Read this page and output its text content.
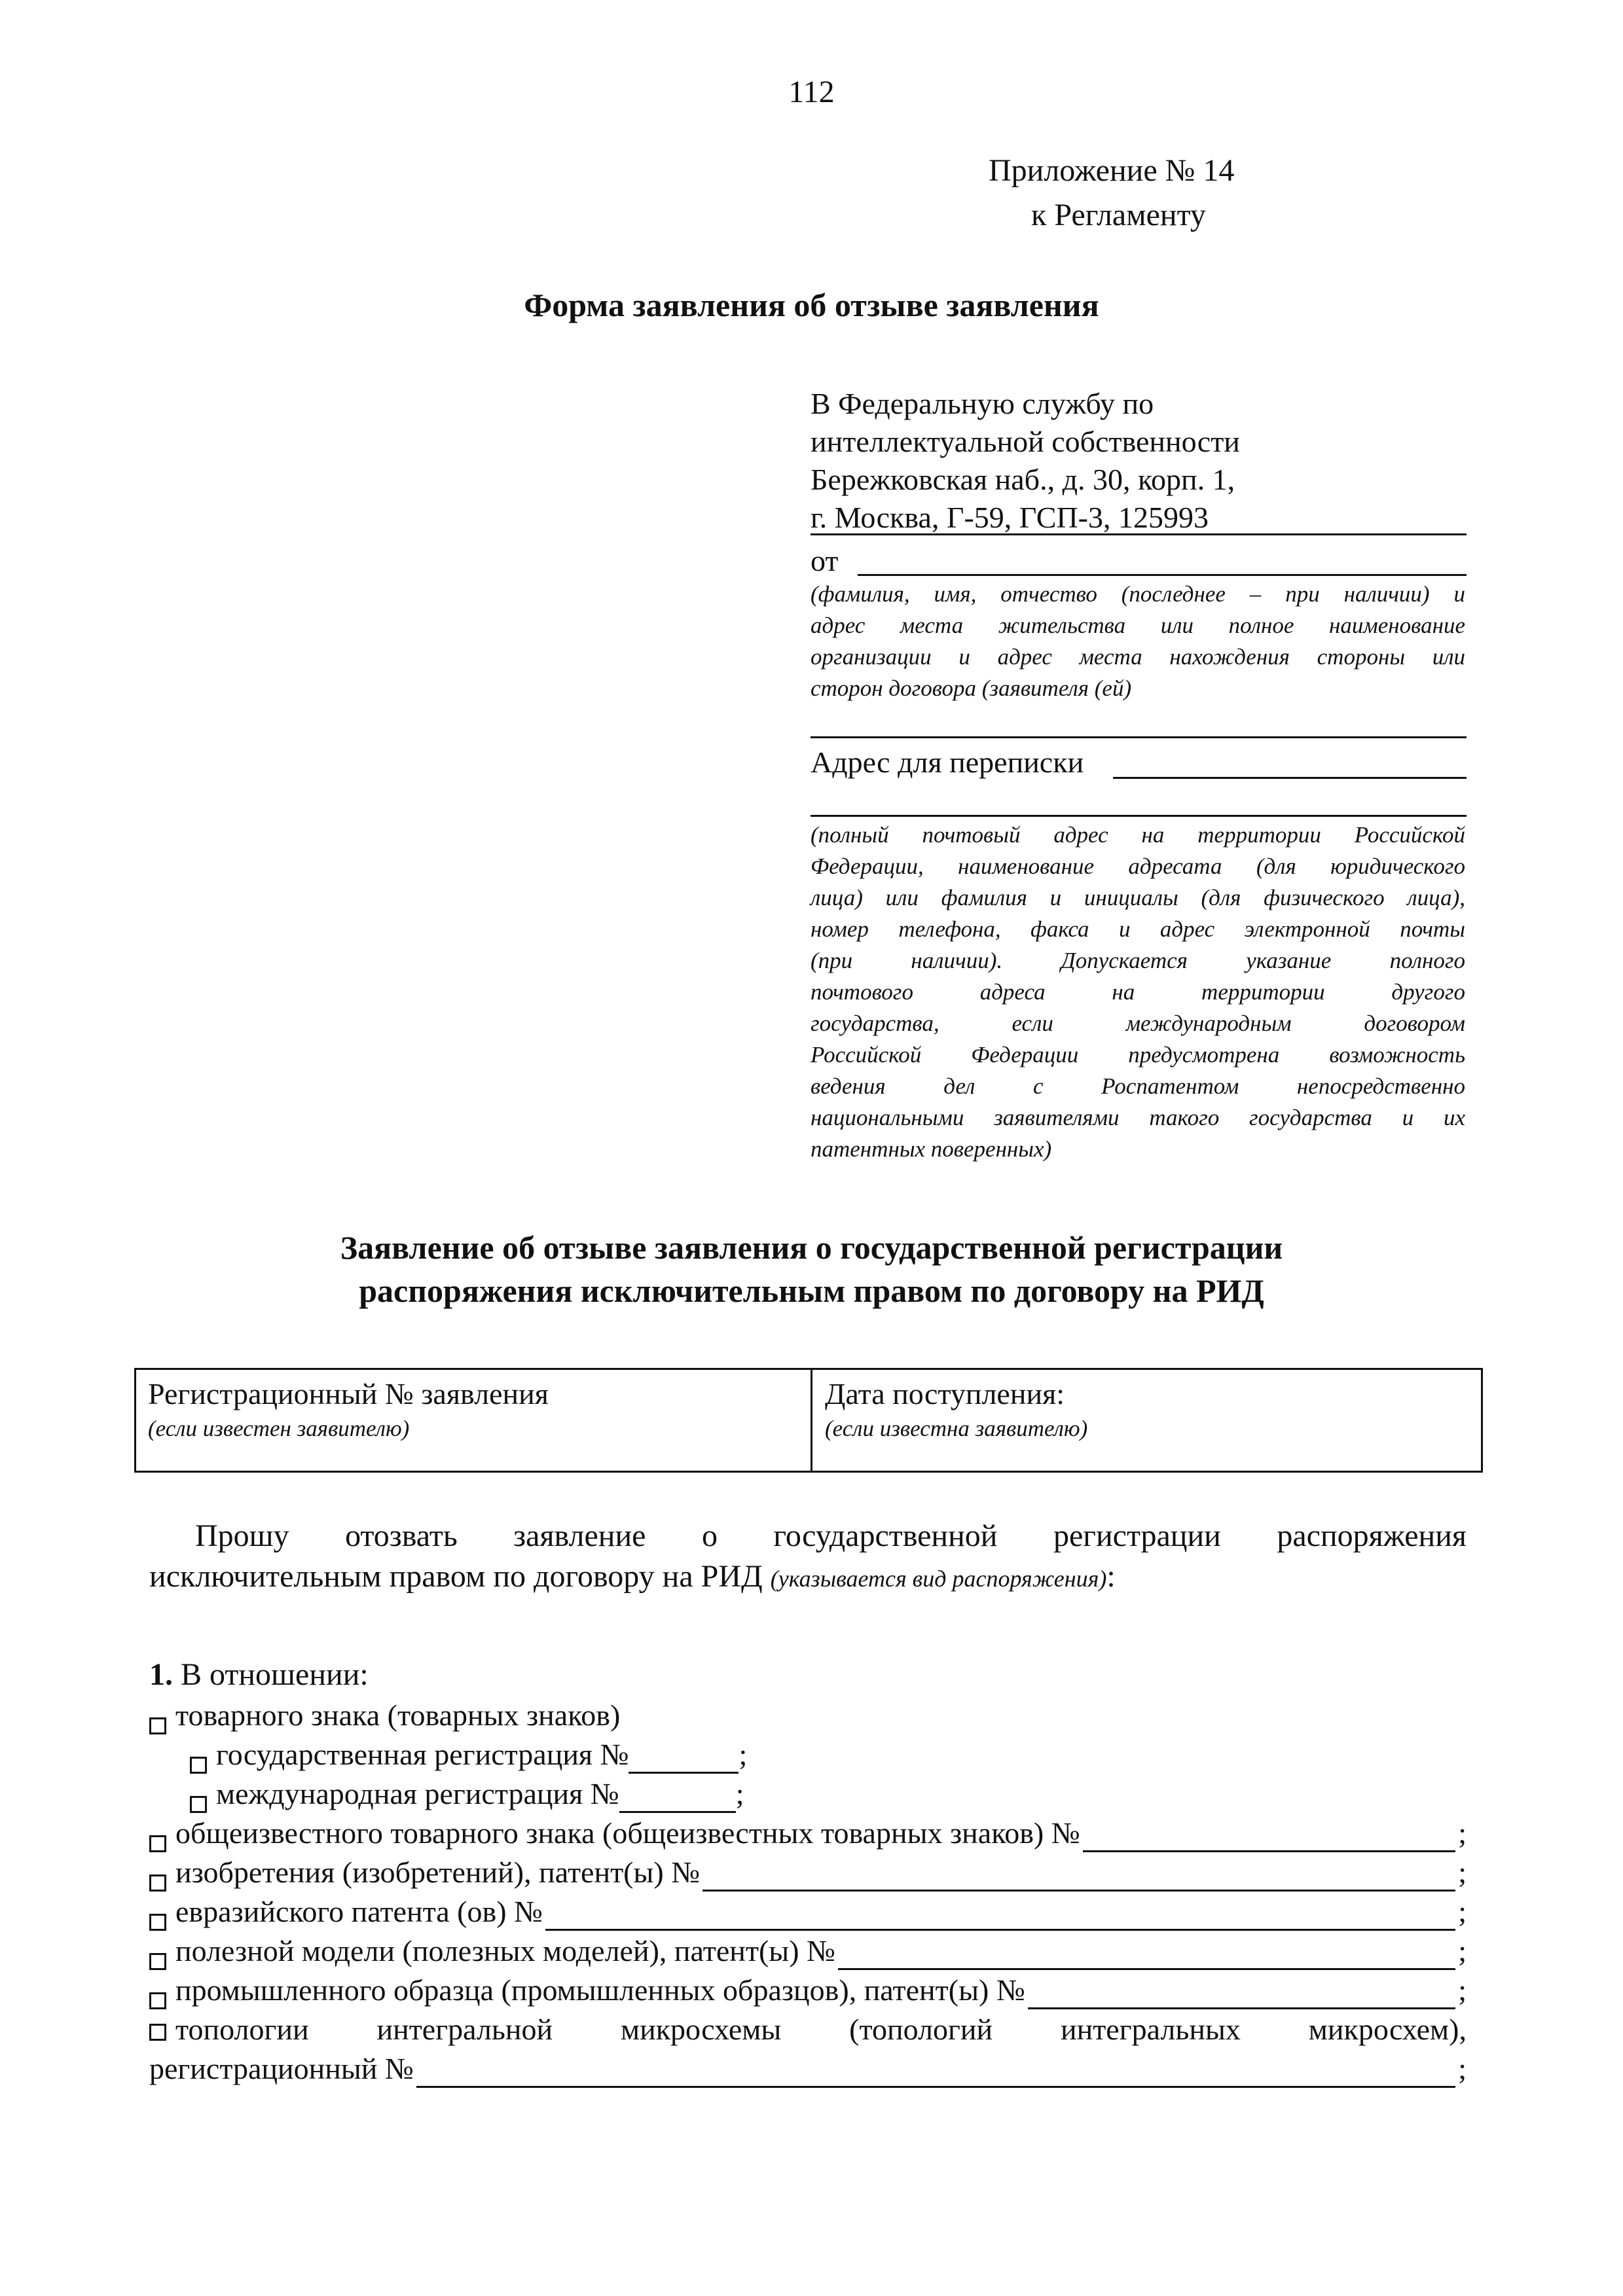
112
Приложение № 14
к Регламенту
Форма заявления об отзыве заявления
В Федеральную службу по
интеллектуальной собственности
Бережковская наб., д. 30, корп. 1,
г. Москва, Г-59, ГСП-3, 125993
от
(фамилия, имя, отчество (последнее – при наличии) и
адрес места жительства или полное наименование
организации и адрес места нахождения стороны или
сторон договора (заявителя (ей)
Адрес для переписки
(полный почтовый адрес на территории Российской
Федерации, наименование адресата (для юридического
лица) или фамилия и инициалы (для физического лица),
номер телефона, факса и адрес электронной почты
(при наличии). Допускается указание полного
почтового адреса на территории другого
государства, если международным договором
Российской Федерации предусмотрена возможность
ведения дел с Роспатентом непосредственно
национальными заявителями такого государства и их
патентных поверенных)
Заявление об отзыве заявления о государственной регистрации
распоряжения исключительным правом по договору на РИД
Регистрационный № заявления
(если известен заявителю)
Дата поступления:
(если известна заявителю)
Прошу отозвать заявление о государственной регистрации распоряжения
исключительным правом по договору на РИД (указывается вид распоряжения):
1. В отношении:
товарного знака (товарных знаков)
государственная регистрация №	;
международная регистрация №	;
общеизвестного товарного знака (общеизвестных товарных знаков) №	;
изобретения (изобретений), патент(ы) №	;
евразийского патента (ов) №	;
полезной модели (полезных моделей), патент(ы) №	;
промышленного образца (промышленных образцов), патент(ы) №	;
топологии интегральной микросхемы (топологий интегральных микросхем),
регистрационный №	;
